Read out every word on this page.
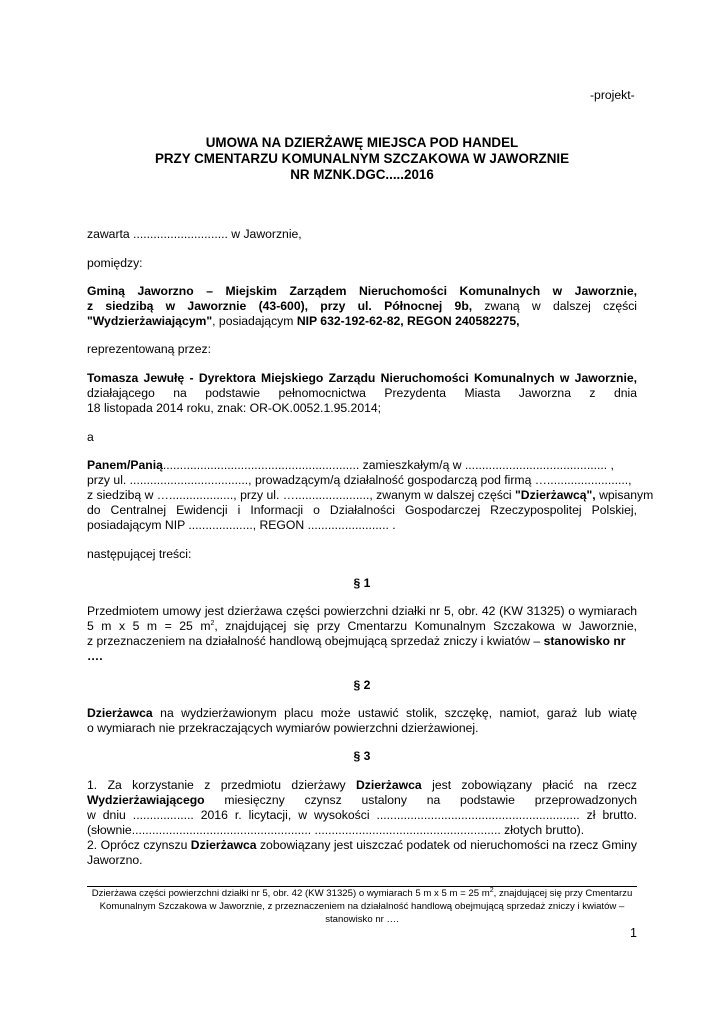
-projekt-
UMOWA NA DZIERŻAWĘ MIEJSCA POD HANDEL
PRZY CMENTARZU KOMUNALNYM SZCZAKOWA W JAWORZNIE
NR MZNK.DGC.....2016
zawarta ............................ w Jaworznie,
pomiędzy:
Gminą Jaworzno – Miejskim Zarządem Nieruchomości Komunalnych w Jaworznie,
z siedzibą w Jaworznie (43-600), przy ul. Północnej 9b, zwaną w dalszej części
"Wydzierżawiającym", posiadającym NIP 632-192-62-82, REGON 240582275,
reprezentowaną przez:
Tomasza Jewułę - Dyrektora Miejskiego Zarządu Nieruchomości Komunalnych w Jaworznie,
działającego na podstawie pełnomocnictwa Prezydenta Miasta Jaworzna z dnia
18 listopada 2014 roku, znak: OR-OK.0052.1.95.2014;
a
Panem/Panią.......................................................... zamieszkałym/ą w .......................................... ,
przy ul. ..................................., prowadzącym/ą działalność gospodarczą pod firmą …........................,
z siedzibą w …..................., przy ul. …......................, zwanym w dalszej części "Dzierżawcą", wpisanym
do Centralnej Ewidencji i Informacji o Działalności Gospodarczej Rzeczypospolitej Polskiej,
posiadającym NIP ..................., REGON ........................ .
następującej treści:
§ 1
Przedmiotem umowy jest dzierżawa części powierzchni działki nr 5, obr. 42 (KW 31325) o wymiarach
5 m x 5 m = 25 $m^2$, znajdującej się przy Cmentarzu Komunalnym Szczakowa w Jaworznie,
z przeznaczeniem na działalność handlową obejmującą sprzedaż zniczy i kwiatów – stanowisko nr
….
§ 2
Dzierżawca na wydzierżawionym placu może ustawić stolik, szczękę, namiot, garaż lub wiatę
o wymiarach nie przekraczających wymiarów powierzchni dzierżawionej.
§ 3
1. Za korzystanie z przedmiotu dzierżawy Dzierżawca jest zobowiązany płacić na rzecz
Wydzierżawiającego miesięczny czynsz ustalony na podstawie przeprowadzonych
w dniu .................. 2016 r. licytacji, w wysokości ............................................................ zł brutto.
(słownie..................................................... ....................................................... złotych brutto).
2. Oprócz czynszu Dzierżawca zobowiązany jest uiszczać podatek od nieruchomości na rzecz Gminy
Jaworzno.
Dzierżawa części powierzchni działki nr 5, obr. 42 (KW 31325) o wymiarach 5 m x 5 m = 25 $m^2$, znajdującej się przy Cmentarzu
Komunalnym Szczakowa w Jaworznie, z przeznaczeniem na działalność handlową obejmującą sprzedaż zniczy i kwiatów –
stanowisko nr ….
1
